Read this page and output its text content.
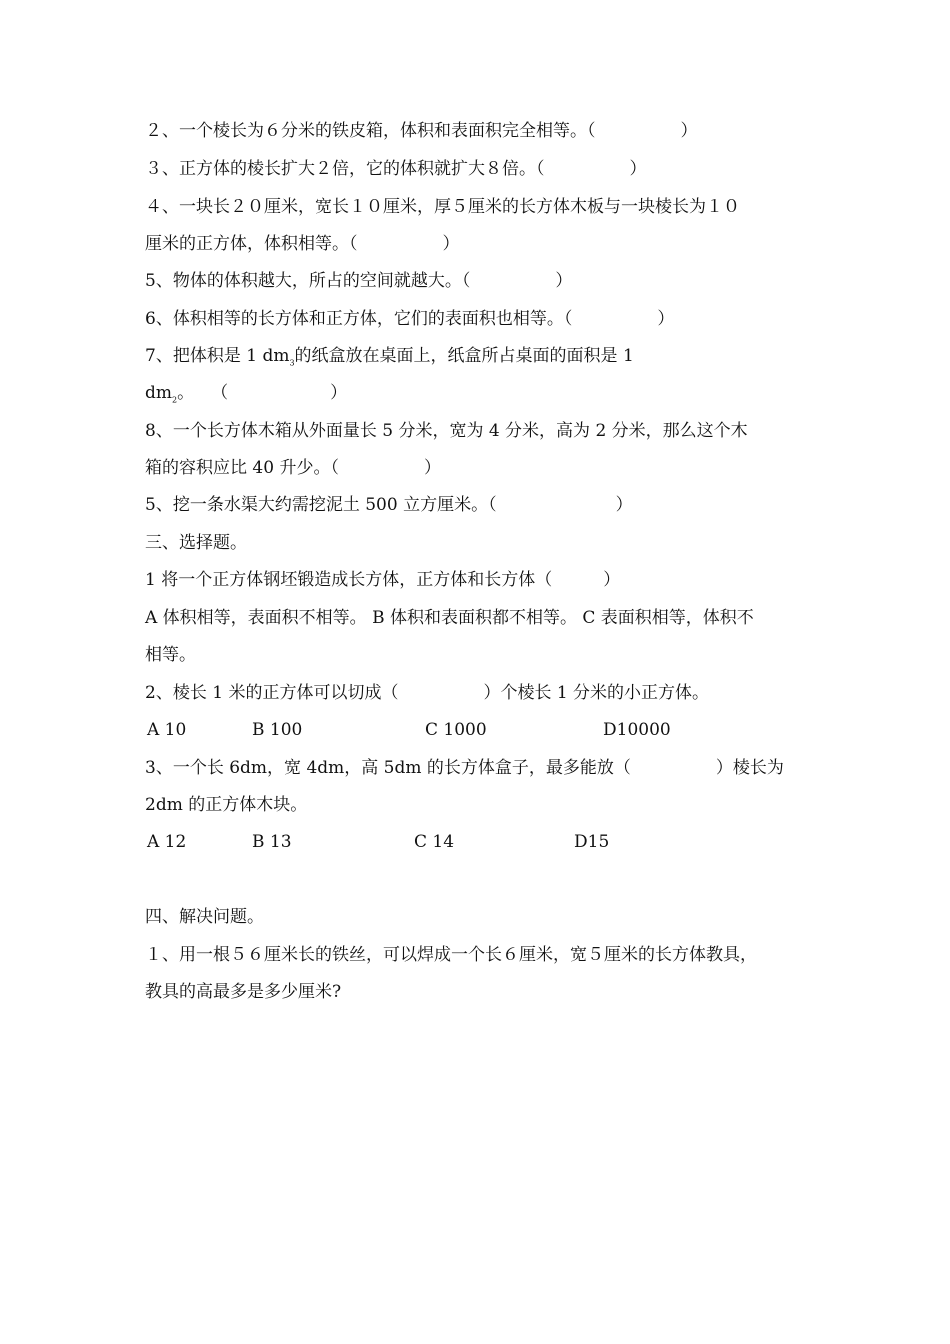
２、一个棱长为６分米的铁皮箱，体积和表面积完全相等。（　　　　　）
３、正方体的棱长扩大２倍，它的体积就扩大８倍。（　　　　　）
４、一块长２０厘米，宽长１０厘米，厚５厘米的长方体木板与一块棱长为１０
厘米的正方体，体积相等。（　　　　　）
5、物体的体积越大，所占的空间就越大。（　　　　　）
6、体积相等的长方体和正方体，它们的表面积也相等。（　　　　　）
7、把体积是 1 $dm_3$的纸盒放在桌面上，纸盒所占桌面的面积是 1
$dm_2$。　　（　　　　　　）
8、一个长方体木箱从外面量长 5 分米，宽为 4 分米，高为 2 分米，那么这个木
箱的容积应比 40 升少。（　　　　　）
5、挖一条水渠大约需挖泥土 500 立方厘米。（　　　　　　　）
三、选择题。
1 将一个正方体钢坯锻造成长方体，正方体和长方体（　　　）
A 体积相等，表面积不相等。 B 体积和表面积都不相等。 C 表面积相等，体积不
相等。
2、棱长 1 米的正方体可以切成（　　　　　）个棱长 1 分米的小正方体。
A 10	B 100	C 1000	D10000
3、一个长 6dm，宽 4dm，高 5dm 的长方体盒子，最多能放（　　　　　）棱长为
2dm 的正方体木块。
A 12	B 13	C 14	D15
四、解决问题。
１、用一根５６厘米长的铁丝，可以焊成一个长６厘米，宽５厘米的长方体教具，
教具的高最多是多少厘米?
